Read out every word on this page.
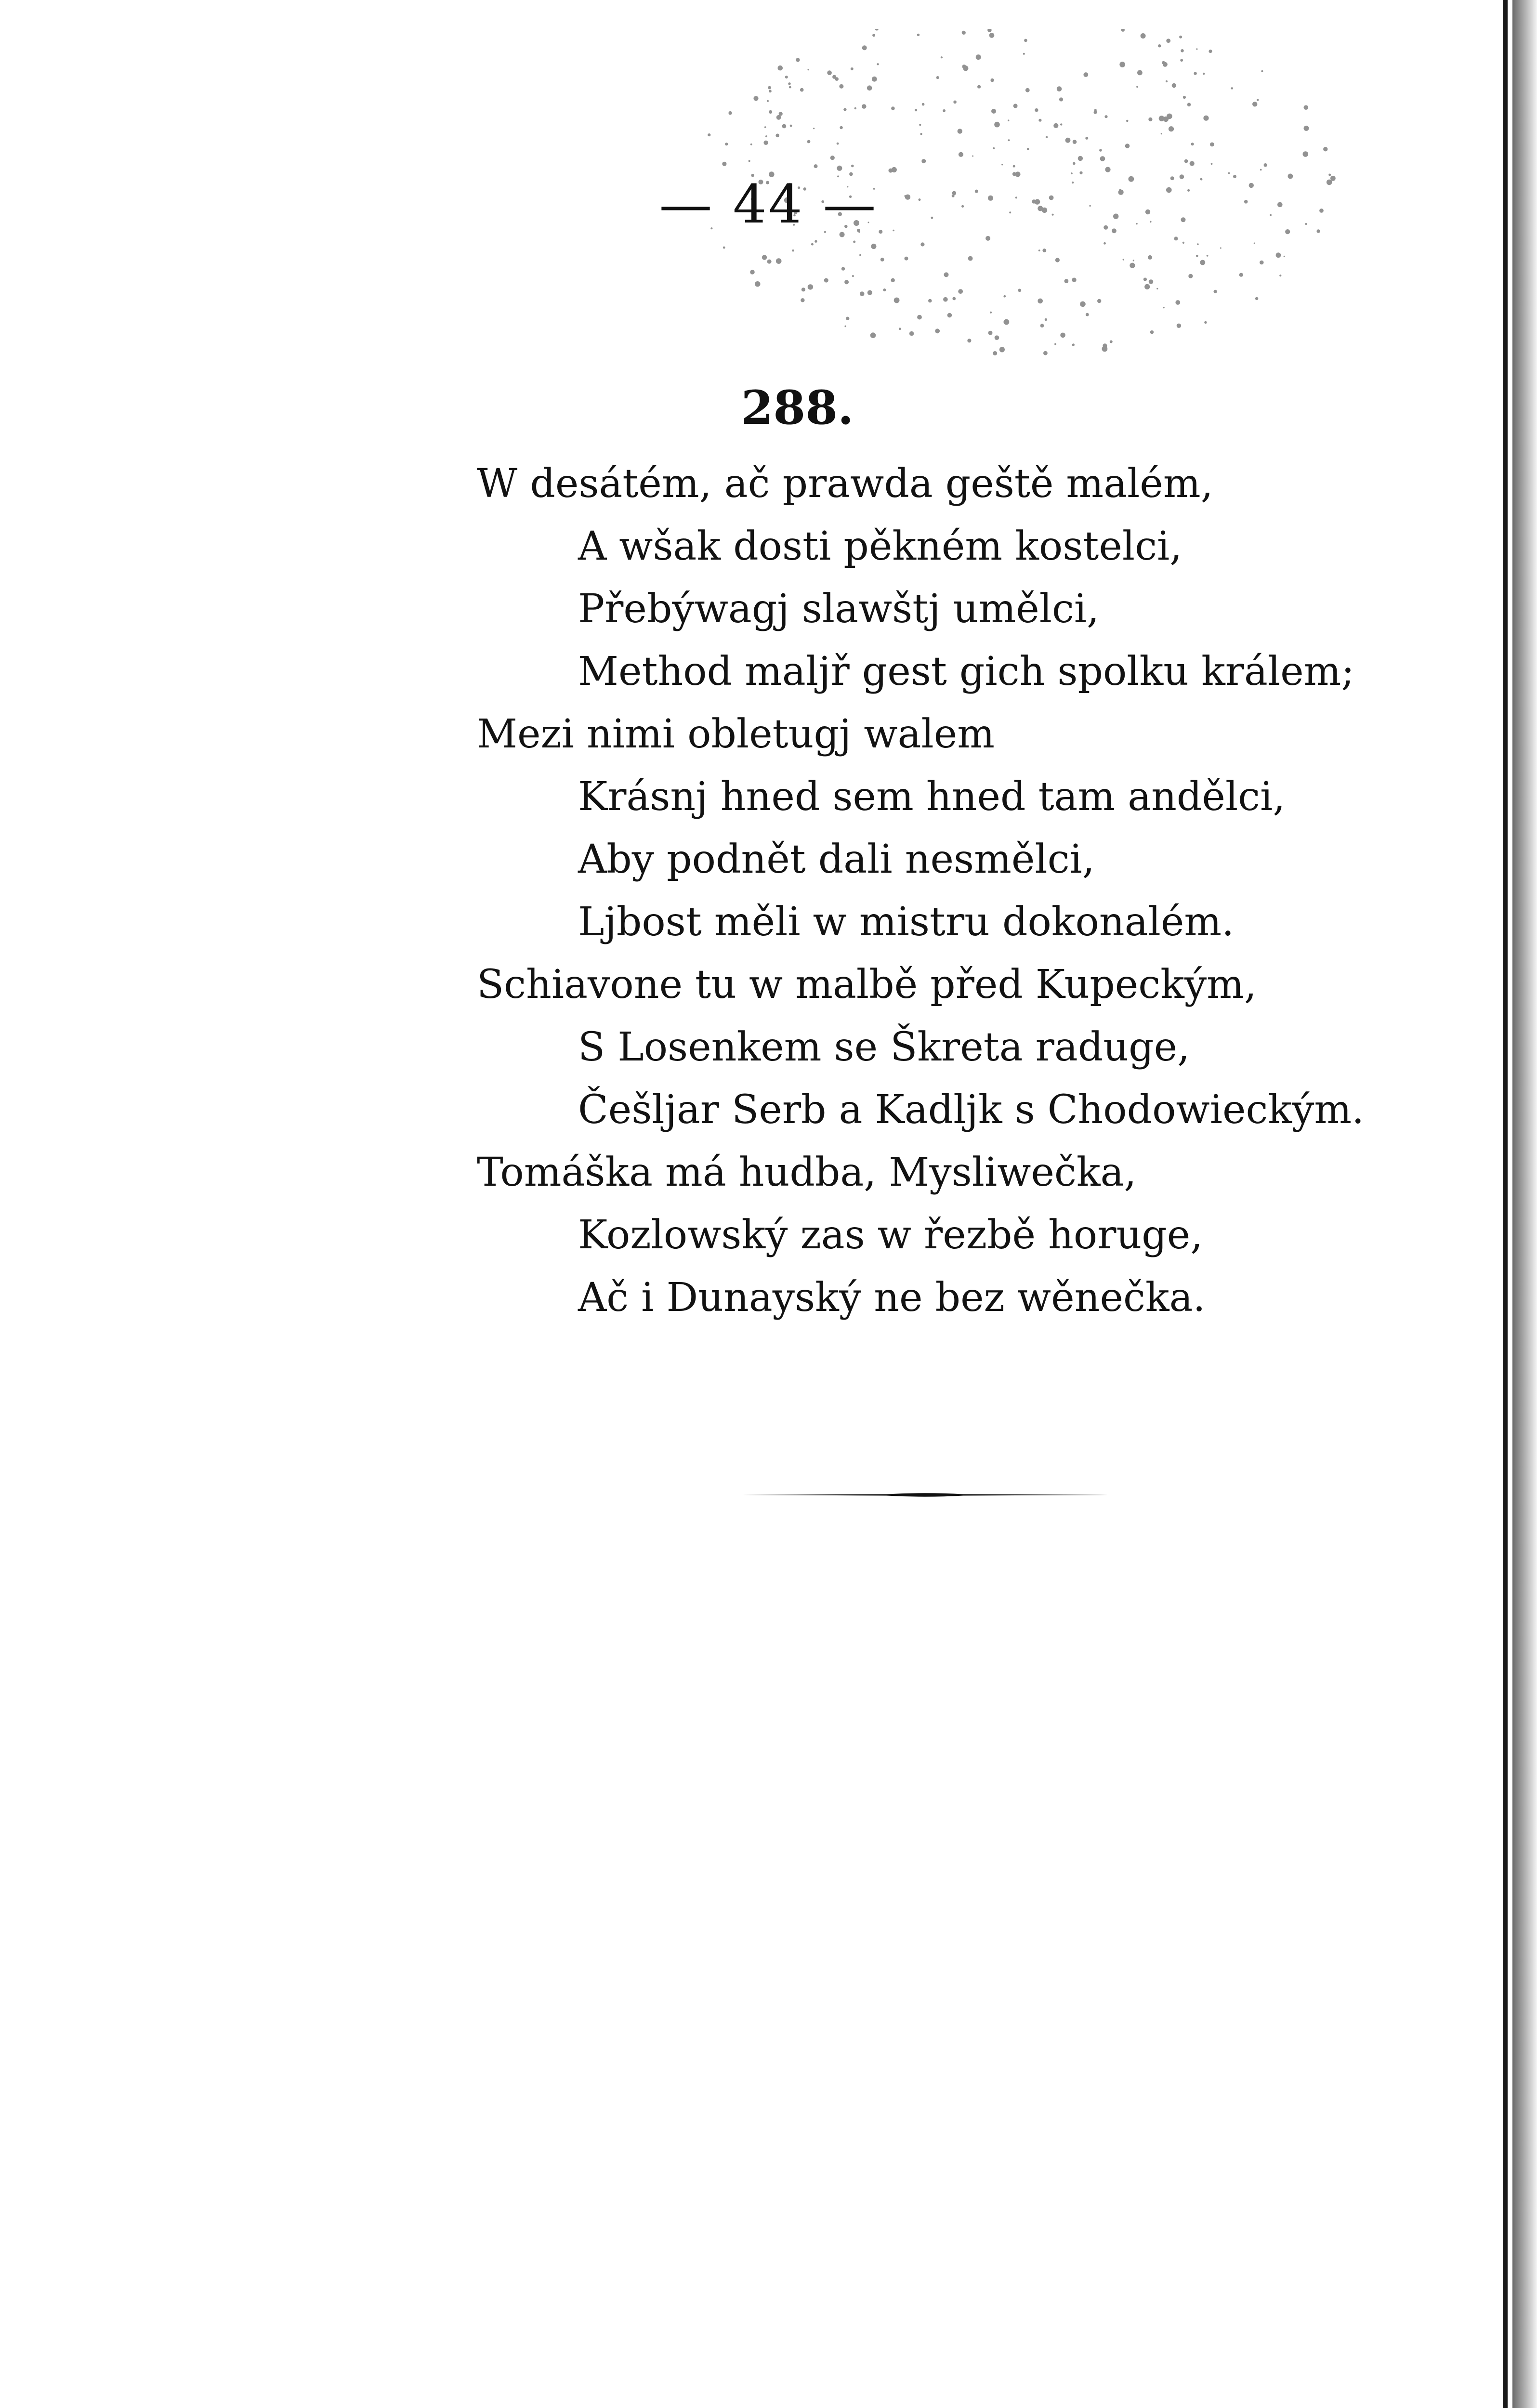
— 44 —
288.
W desátém, ač prawda geště malém,
A wšak dosti pěkném kostelci,
Přebýwagj slawštj umělci,
Method maljř gest gich spolku králem;
Mezi nimi obletugj walem
Krásnj hned sem hned tam andělci,
Aby podnět dali nesmělci,
Ljbost měli w mistru dokonalém.
Schiavone tu w malbě před Kupeckým,
S Losenkem se Škreta raduge,
Češljar Serb a Kadljk s Chodowieckým.
Tomáška má hudba, Mysliwečka,
Kozlowský zas w řezbě horuge,
Ač i Dunayský ne bez wěnečka.
